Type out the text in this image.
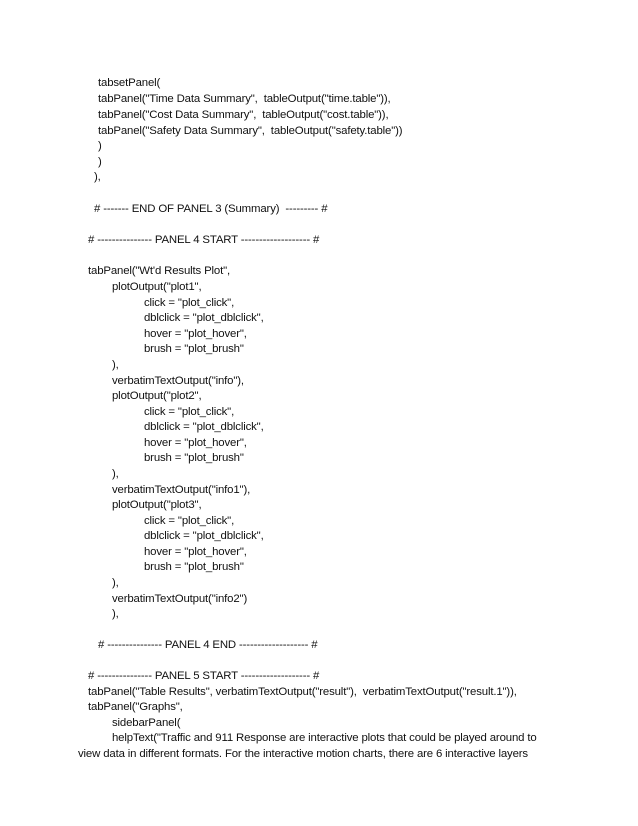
tabsetPanel(
tabPanel("Time Data Summary",  tableOutput("time.table")),
tabPanel("Cost Data Summary",  tableOutput("cost.table")),
tabPanel("Safety Data Summary",  tableOutput("safety.table"))
)
)
),
# ------- END OF PANEL 3 (Summary)  --------- #
# --------------- PANEL 4 START ------------------- #
tabPanel("Wt'd Results Plot",
plotOutput("plot1",
click = "plot_click",
dblclick = "plot_dblclick",
hover = "plot_hover",
brush = "plot_brush"
),
verbatimTextOutput("info"),
plotOutput("plot2",
click = "plot_click",
dblclick = "plot_dblclick",
hover = "plot_hover",
brush = "plot_brush"
),
verbatimTextOutput("info1"),
plotOutput("plot3",
click = "plot_click",
dblclick = "plot_dblclick",
hover = "plot_hover",
brush = "plot_brush"
),
verbatimTextOutput("info2")
),
# --------------- PANEL 4 END ------------------- #
# --------------- PANEL 5 START ------------------- #
tabPanel("Table Results", verbatimTextOutput("result"),  verbatimTextOutput("result.1")),
tabPanel("Graphs",
sidebarPanel(
helpText("Traffic and 911 Response are interactive plots that could be played around to
view data in different formats. For the interactive motion charts, there are 6 interactive layers
